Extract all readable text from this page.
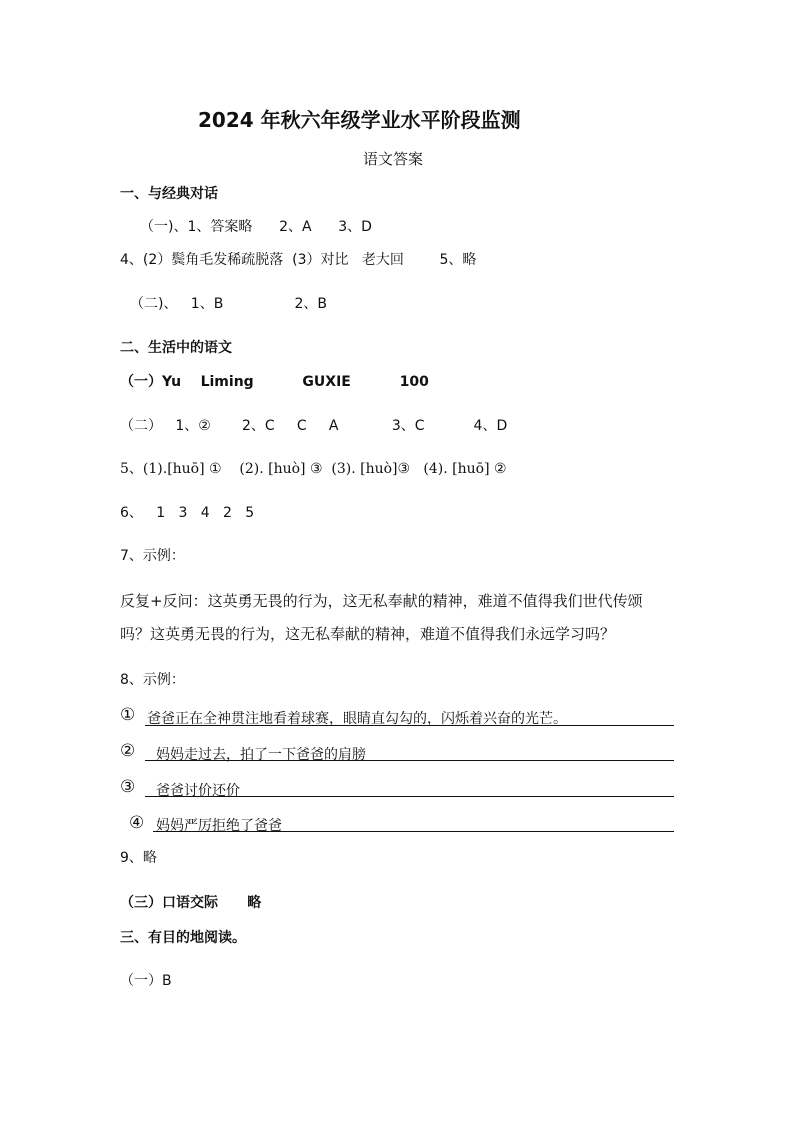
2024 年秋六年级学业水平阶段监测
语文答案
一、与经典对话
（一)、1、答案略      2、A      3、D
4、(2）鬓角毛发稀疏脱落  (3）对比   老大回        5、略
（二)、   1、B                2、B
二、生活中的语文
（一）Yu    Liming          GUXIE          100
（二）   1、②       2、C     C     A            3、C           4、D
5、(1).[huō] ①    (2). [huò] ③  (3). [huò]③   (4). [huō] ②
6、   1   3   4   2   5
7、示例：
反复+反问：这英勇无畏的行为，这无私奉献的精神，难道不值得我们世代传颂
吗？这英勇无畏的行为，这无私奉献的精神，难道不值得我们永远学习吗？
8、示例：
① 爸爸正在全神贯注地看着球赛，眼睛直勾勾的，闪烁着兴奋的光芒。
② 妈妈走过去，拍了一下爸爸的肩膀
③ 爸爸讨价还价
④ 妈妈严厉拒绝了爸爸
9、略
（三）口语交际      略
三、有目的地阅读。
（一）B
